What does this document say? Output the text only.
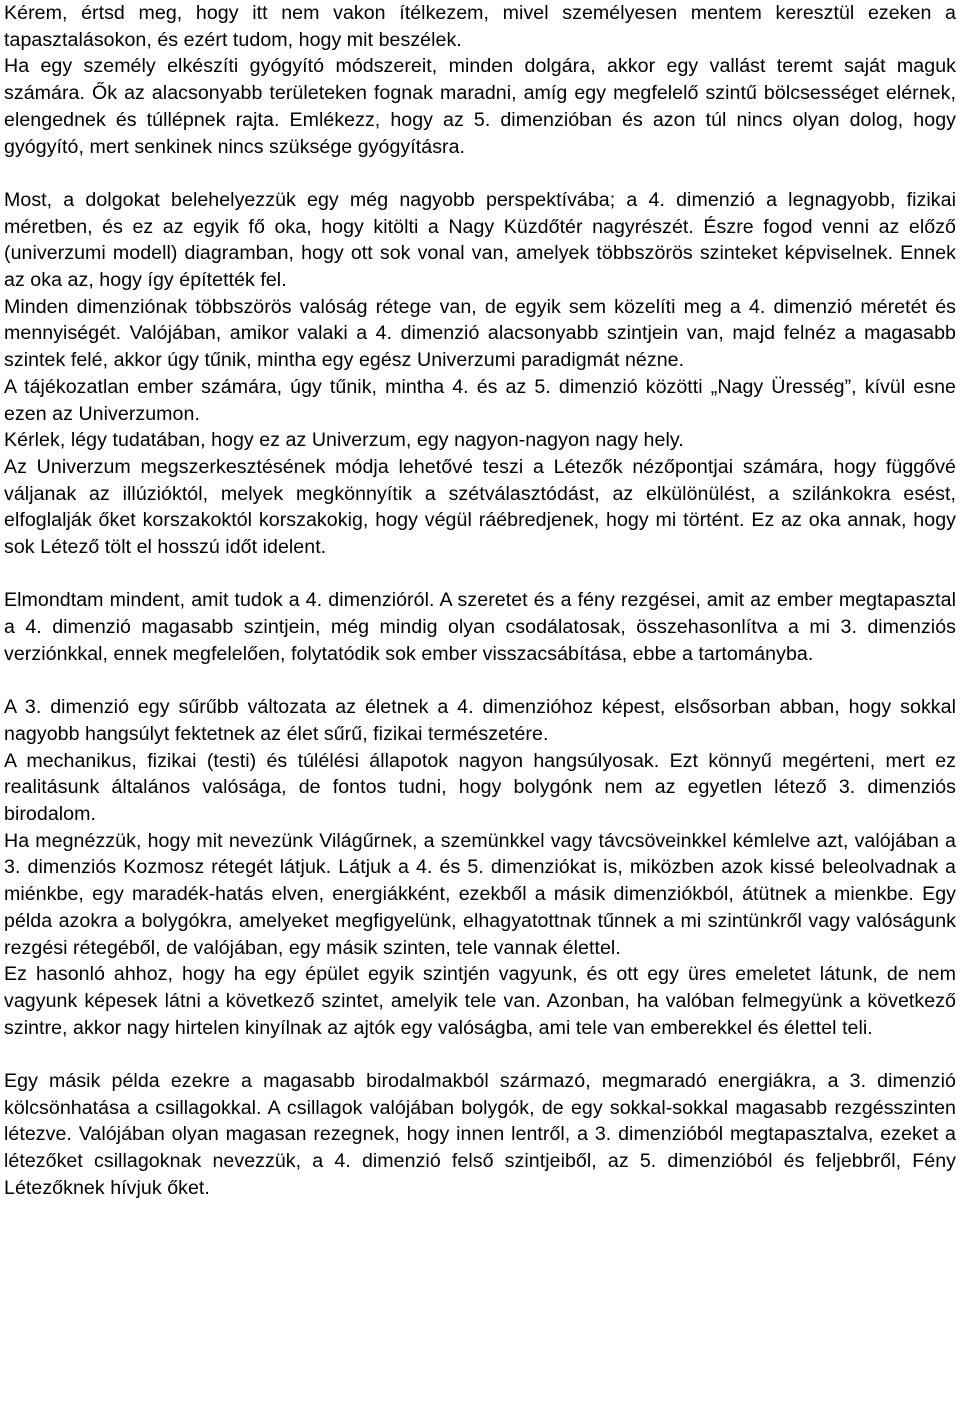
Kérem, értsd meg, hogy itt nem vakon ítélkezem, mivel személyesen mentem keresztül ezeken a tapasztalásokon, és ezért tudom, hogy mit beszélek.

Ha egy személy elkészíti gyógyító módszereit, minden dolgára, akkor egy vallást teremt saját maguk számára. Ők az alacsonyabb területeken fognak maradni, amíg egy megfelelő szintű bölcsességet elérnek, elengednek és túllépnek rajta. Emlékezz, hogy az 5. dimenzióban és azon túl nincs olyan dolog, hogy gyógyító, mert senkinek nincs szüksége gyógyításra.

Most, a dolgokat belehelyezzük egy még nagyobb perspektívába; a 4. dimenzió a legnagyobb, fizikai méretben, és ez az egyik fő oka, hogy kitölti a Nagy Küzdőtér nagyrészét. Észre fogod venni az előző (univerzumi modell) diagramban, hogy ott sok vonal van, amelyek többszörös szinteket képviselnek. Ennek az oka az, hogy így építették fel.

Minden dimenziónak többszörös valóság rétege van, de egyik sem közelíti meg a 4. dimenzió méretét és mennyiségét. Valójában, amikor valaki a 4. dimenzió alacsonyabb szintjein van, majd felnéz a magasabb szintek felé, akkor úgy tűnik, mintha egy egész Univerzumi paradigmát nézne.

A tájékozatlan ember számára, úgy tűnik, mintha 4. és az 5. dimenzió közötti „Nagy Üresség”, kívül esne ezen az Univerzumon.

Kérlek, légy tudatában, hogy ez az Univerzum, egy nagyon-nagyon nagy hely.

Az Univerzum megszerkesztésének módja lehetővé teszi a Létezők nézőpontjai számára, hogy függővé váljanak az illúzióktól, melyek megkönnyítik a szétválasztódást, az elkülönülést, a szilánkokra esést, elfoglalják őket korszakoktól korszakokig, hogy végül ráébredjenek, hogy mi történt. Ez az oka annak, hogy sok Létező tölt el hosszú időt idelent.

Elmondtam mindent, amit tudok a 4. dimenzióról. A szeretet és a fény rezgései, amit az ember megtapasztal a 4. dimenzió magasabb szintjein, még mindig olyan csodálatosak, összehasonlítva a mi 3. dimenziós verziónkkal, ennek megfelelően, folytatódik sok ember visszacsábítása, ebbe a tartományba.

A 3. dimenzió egy sűrűbb változata az életnek a 4. dimenzióhoz képest, elsősorban abban, hogy sokkal nagyobb hangsúlyt fektetnek az élet sűrű, fizikai természetére.

A mechanikus, fizikai (testi) és túlélési állapotok nagyon hangsúlyosak. Ezt könnyű megérteni, mert ez realitásunk általános valósága, de fontos tudni, hogy bolygónk nem az egyetlen létező 3. dimenziós birodalom.

Ha megnézzük, hogy mit nevezünk Világűrnek, a szemünkkel vagy távcsöveinkkel kémlelve azt, valójában a 3. dimenziós Kozmosz rétegét látjuk. Látjuk a 4. és 5. dimenziókat is, miközben azok kissé beleolvadnak a miénkbe, egy maradék-hatás elven, energiákként, ezekből a másik dimenziókból, átütnek a mienkbe. Egy példa azokra a bolygókra, amelyeket megfigyelünk, elhagyatottnak tűnnek a mi szintünkről vagy valóságunk rezgési rétegéből, de valójában, egy másik szinten, tele vannak élettel.

Ez hasonló ahhoz, hogy ha egy épület egyik szintjén vagyunk, és ott egy üres emeletet látunk, de nem vagyunk képesek látni a következő szintet, amelyik tele van. Azonban, ha valóban felmegyünk a következő szintre, akkor nagy hirtelen kinyílnak az ajtók egy valóságba, ami tele van emberekkel és élettel teli.

Egy másik példa ezekre a magasabb birodalmakból származó, megmaradó energiákra, a 3. dimenzió kölcsönhatása a csillagokkal. A csillagok valójában bolygók, de egy sokkal-sokkal magasabb rezgésszinten létezve. Valójában olyan magasan rezegnek, hogy innen lentről, a 3. dimenzióból megtapasztalva, ezeket a létezőket csillagoknak nevezzük, a 4. dimenzió felső szintjeiből, az 5. dimenzióból és feljebbről, Fény Létezőknek hívjuk őket.
